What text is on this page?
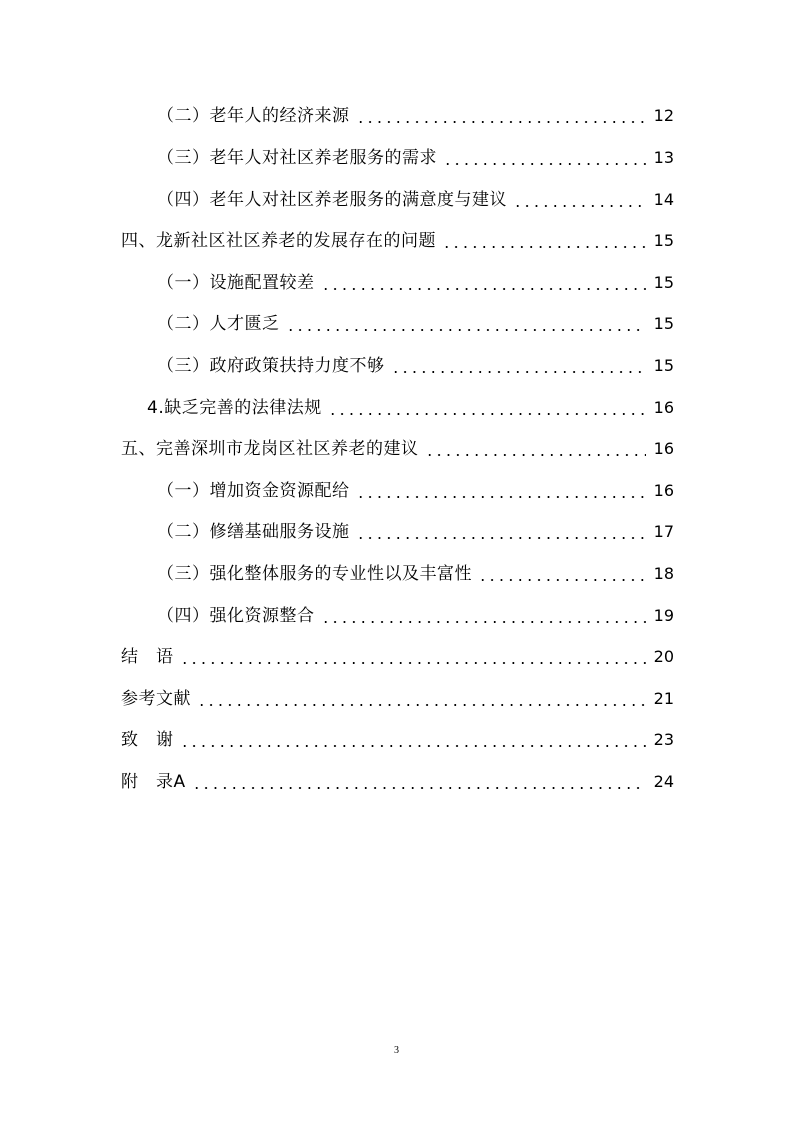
（二）老年人的经济来源	12
（三）老年人对社区养老服务的需求	13
（四）老年人对社区养老服务的满意度与建议	14
四、龙新社区社区养老的发展存在的问题	15
（一）设施配置较差	15
（二）人才匮乏	15
（三）政府政策扶持力度不够	15
4.缺乏完善的法律法规	16
五、完善深圳市龙岗区社区养老的建议	16
（一）增加资金资源配给	16
（二）修缮基础服务设施	17
（三）强化整体服务的专业性以及丰富性	18
（四）强化资源整合	19
结　语	20
参考文献	21
致　谢	23
附　录A	24
3
